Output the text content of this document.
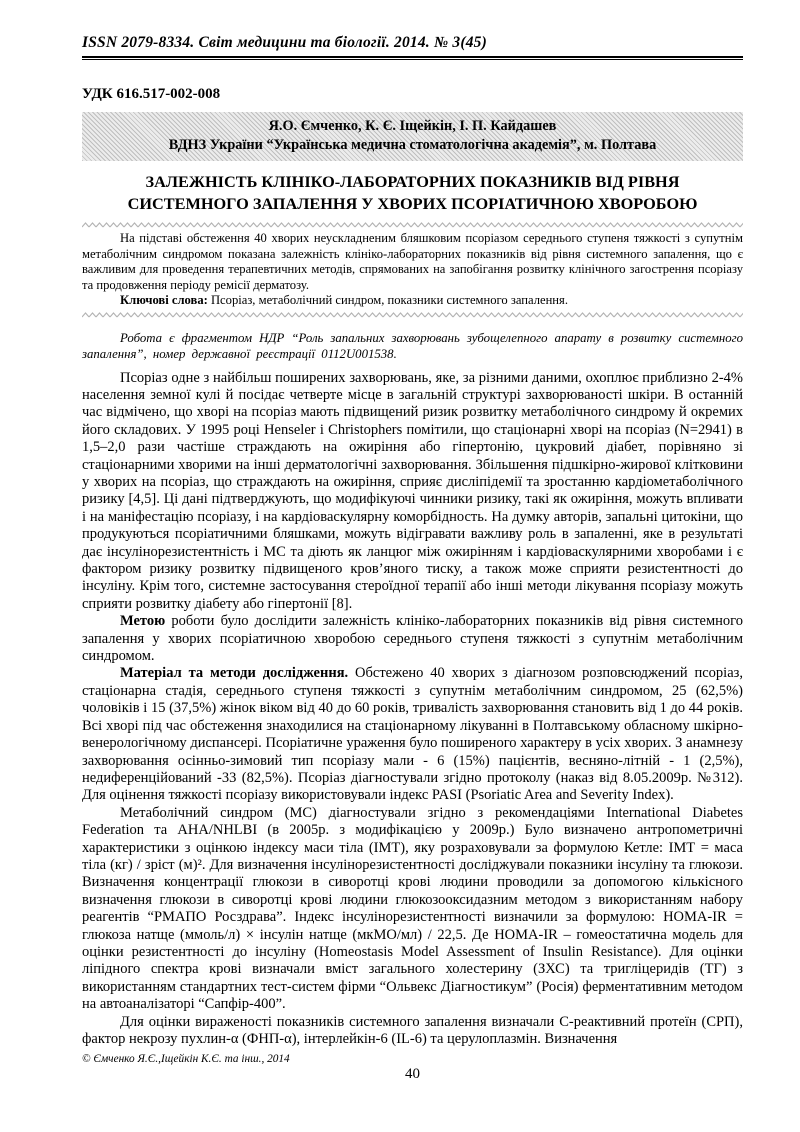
ISSN 2079-8334. Світ медицини та біології. 2014. № 3(45)
УДК 616.517-002-008
Я.О. Ємченко, К. Є. Іщейкін, І. П. Кайдашев
ВДНЗ України “Українська медична стоматологічна академія”, м. Полтава
ЗАЛЕЖНІСТЬ КЛІНІКО-ЛАБОРАТОРНИХ ПОКАЗНИКІВ ВІД РІВНЯ
СИСТЕМНОГО ЗАПАЛЕННЯ У ХВОРИХ ПСОРІАТИЧНОЮ ХВОРОБОЮ

На підставі обстеження 40 хворих неускладненим бляшковим псоріазом середнього ступеня тяжкості з супутнім метаболічним синдромом показана залежність клініко-лабораторних показників від рівня системного запалення, що є важливим для проведення терапевтичних методів, спрямованих на запобігання розвитку клінічного загострення псоріазу та продовження періоду ремісії дерматозу.

Ключові слова: Псоріаз, метаболічний синдром, показники системного запалення.

Робота є фрагментом НДР “Роль запальних захворювань зубощелепного апарату в розвитку системного запалення”, номер державної реєстрації 0112U001538.

Псоріаз одне з найбільш поширених захворювань, яке, за різними даними, охоплює приблизно 2-4% населення земної кулі й посідає четверте місце в загальній структурі захворюваності шкіри. В останній час відмічено, що хворі на псоріаз мають підвищений ризик розвитку метаболічного синдрому й окремих його складових. У 1995 році Henseler і Christophers помітили, що стаціонарні хворі на псоріаз (N=2941) в 1,5–2,0 рази частіше страждають на ожиріння або гіпертонію, цукровий діабет, порівняно зі стаціонарними хворими на інші дерматологічні захворювання. Збільшення підшкірно-жирової клітковини у хворих на псоріаз, що страждають на ожиріння, сприяє дисліпідемії та зростанню кардіометаболічного ризику [4,5]. Ці дані підтверджують, що модифікуючі чинники ризику, такі як ожиріння, можуть впливати і на маніфестацію псоріазу, і на кардіоваскулярну коморбідность. На думку авторів, запальні цитокіни, що продукуються псоріатичними бляшками, можуть відігравати важливу роль в запаленні, яке в результаті дає інсулінорезистентність і МС та діють як ланцюг між ожирінням і кардіоваскулярними хворобами і є фактором ризику розвитку підвищеного кров’яного тиску, а також може сприяти резистентності до інсуліну. Крім того, системне застосування стероїдної терапії або інші методи лікування псоріазу можуть сприяти розвитку діабету або гіпертонії [8].

Метою роботи було дослідити залежність клініко-лабораторних показників від рівня системного запалення у хворих псоріатичною хворобою середнього ступеня тяжкості з супутнім метаболічним синдромом.

Матеріал та методи дослідження. Обстежено 40 хворих з діагнозом розповсюджений псоріаз, стаціонарна стадія, середнього ступеня тяжкості з супутнім метаболічним синдромом, 25 (62,5%) чоловіків і 15 (37,5%) жінок віком від 40 до 60 років, тривалість захворювання становить від 1 до 44 років. Всі хворі під час обстеження знаходилися на стаціонарному лікуванні в Полтавському обласному шкірно-венерологічному диспансері. Псоріатичне ураження було поширеного характеру в усіх хворих. З анамнезу захворювання осінньо-зимовий тип псоріазу мали - 6 (15%) пацієнтів, весняно-літній - 1 (2,5%), недиференційований -33 (82,5%). Псоріаз діагностували згідно протоколу (наказ від 8.05.2009р. №312). Для оцінення тяжкості псоріазу використовували індекс PASI (Psoriatic Area and Severity Index).

Метаболічний синдром (МС) діагностували згідно з рекомендаціями International Diabetes Federation та AHA/NHLBI (в 2005р. з модифікацією у 2009р.) Було визначено антропометричні характеристики з оцінкою індексу маси тіла (ІМТ), яку розраховували за формулою Кетле: ІМТ = маса тіла (кг) / зріст (м)². Для визначення інсулінорезистентності досліджували показники інсуліну та глюкози. Визначення концентрації глюкози в сиворотці крові людини проводили за допомогою кількісного визначення глюкози в сиворотці крові людини глюкозооксидазним методом з використанням набору реагентів “РМАПО Росздрава”. Індекс інсулінорезистентності визначили за формулою: HOMA-IR = глюкоза натще (ммоль/л) × інсулін натще (мкМО/мл) / 22,5. Де HOMA-IR – гомеостатична модель для оцінки резистентності до інсуліну (Homeostasis Model Assessment of Insulin Resistance). Для оцінки ліпідного спектра крові визначали вміст загального холестерину (ЗХС) та тригліцеридів (ТГ) з використанням стандартних тест-систем фірми “Ольвекс Діагностикум” (Росія) ферментативним методом на автоаналізаторі “Сапфір-400”.

Для оцінки вираженості показників системного запалення визначали С-реактивний протеїн (СРП), фактор некрозу пухлин-α (ФНП-α), інтерлейкін-6 (IL-6) та церулоплазмін. Визначення

© Ємченко Я.Є.,Іщейкін К.Є. та інш., 2014
40
